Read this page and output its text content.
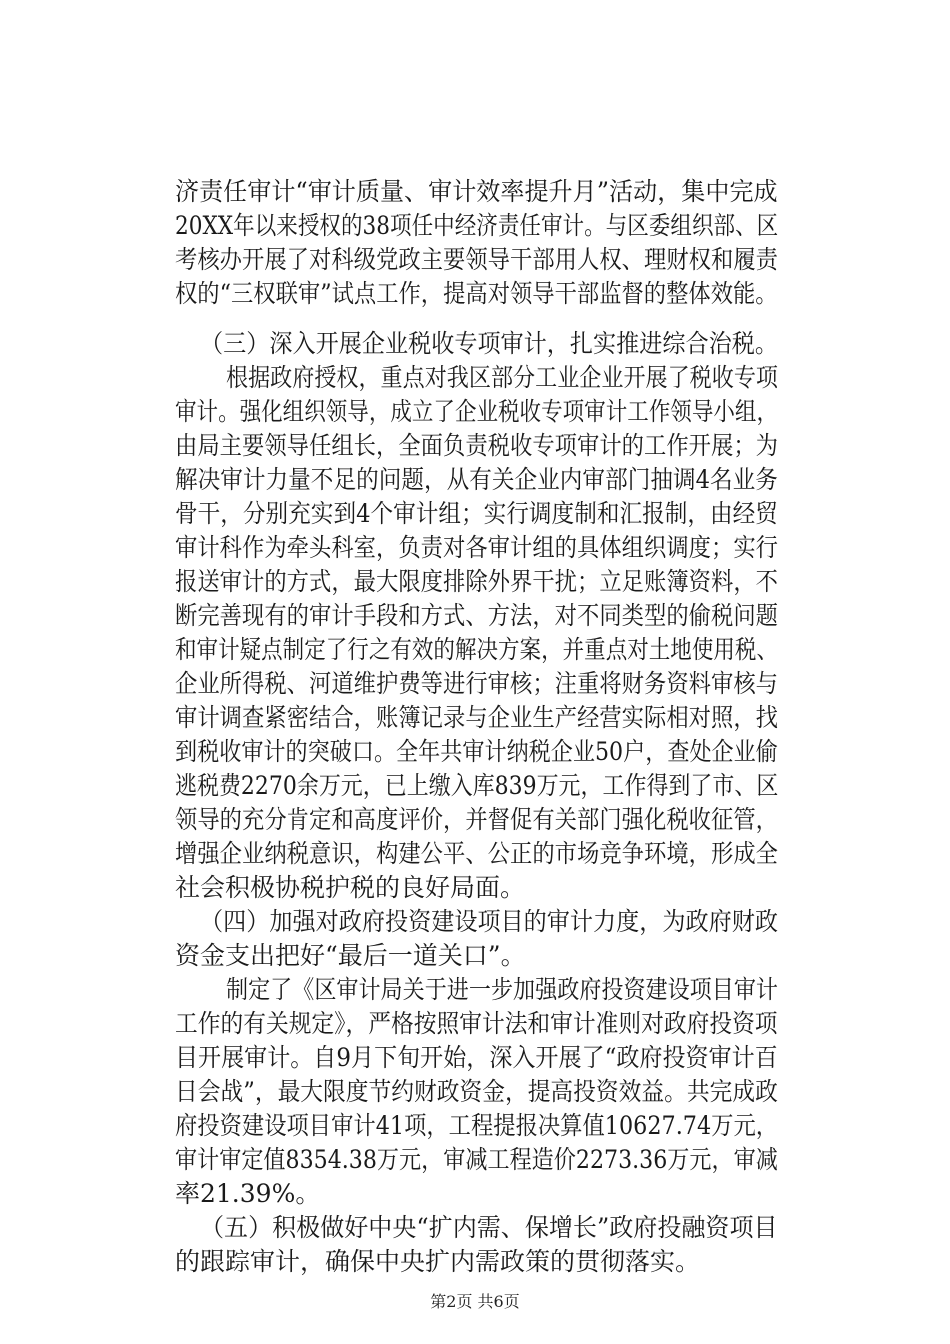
济责任审计“审计质量、审计效率提升月”活动，集中完成
20XX年以来授权的38项任中经济责任审计。与区委组织部、区
考核办开展了对科级党政主要领导干部用人权、理财权和履责
权的“三权联审”试点工作，提高对领导干部监督的整体效能。
（三）深入开展企业税收专项审计，扎实推进综合治税。
根据政府授权，重点对我区部分工业企业开展了税收专项
审计。强化组织领导，成立了企业税收专项审计工作领导小组，
由局主要领导任组长，全面负责税收专项审计的工作开展；为
解决审计力量不足的问题，从有关企业内审部门抽调4名业务
骨干，分别充实到4个审计组；实行调度制和汇报制，由经贸
审计科作为牵头科室，负责对各审计组的具体组织调度；实行
报送审计的方式，最大限度排除外界干扰；立足账簿资料，不
断完善现有的审计手段和方式、方法，对不同类型的偷税问题
和审计疑点制定了行之有效的解决方案，并重点对土地使用税、
企业所得税、河道维护费等进行审核；注重将财务资料审核与
审计调查紧密结合，账簿记录与企业生产经营实际相对照，找
到税收审计的突破口。全年共审计纳税企业50户，查处企业偷
逃税费2270余万元，已上缴入库839万元，工作得到了市、区
领导的充分肯定和高度评价，并督促有关部门强化税收征管，
增强企业纳税意识，构建公平、公正的市场竞争环境，形成全
社会积极协税护税的良好局面。
（四）加强对政府投资建设项目的审计力度，为政府财政
资金支出把好“最后一道关口”。
制定了《区审计局关于进一步加强政府投资建设项目审计
工作的有关规定》，严格按照审计法和审计准则对政府投资项
目开展审计。自9月下旬开始，深入开展了“政府投资审计百
日会战”，最大限度节约财政资金，提高投资效益。共完成政
府投资建设项目审计41项，工程提报决算值10627.74万元，
审计审定值8354.38万元，审减工程造价2273.36万元，审减
率21.39%。
（五）积极做好中央“扩内需、保增长”政府投融资项目
的跟踪审计，确保中央扩内需政策的贯彻落实。
第2页 共6页
